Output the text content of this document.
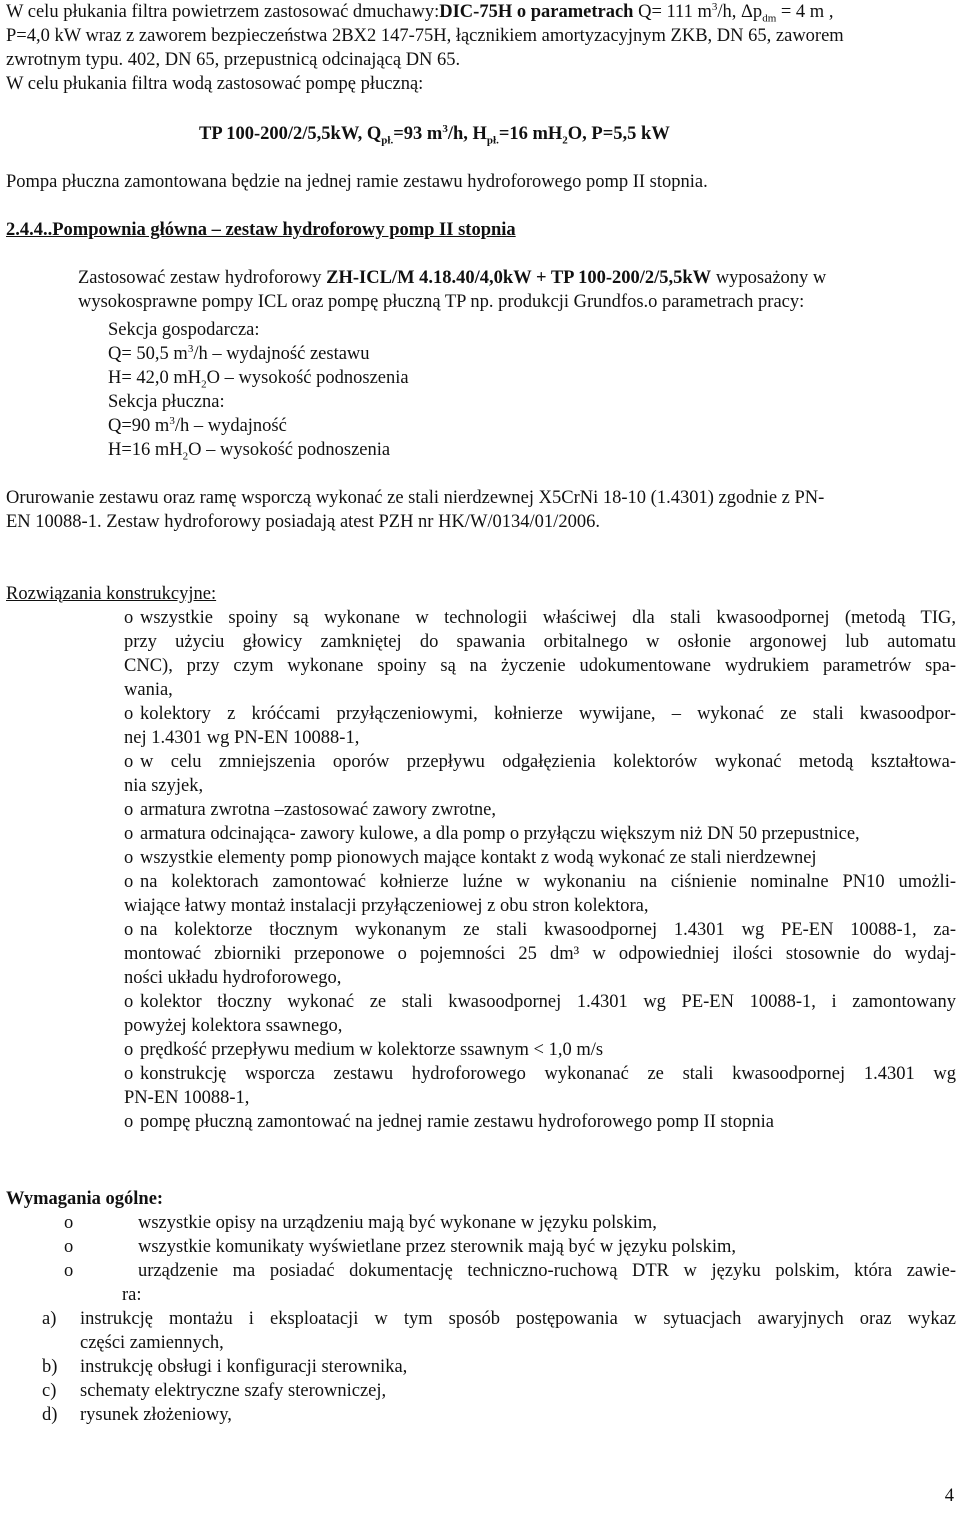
W celu płukania filtra powietrzem zastosować dmuchawy:DIC-75H o parametrach Q= 111 $m^3/h$, $\Delta p_{dm} = 4$ m ,

P=4,0 kW wraz z zaworem bezpieczeństwa 2BX2 147-75H, łącznikiem amortyzacyjnym ZKB, DN 65, zaworem

zwrotnym typu. 402, DN 65, przepustnicą odcinającą DN 65.

W celu płukania filtra wodą zastosować pompę płuczną:

TP 100-200/2/5,5kW, $Q_{pł.}=93$ $m^3/h$, $H_{pł.}=16$ $mH_2O$, P=5,5 kW

Pompa płuczna zamontowana będzie na jednej ramie zestawu hydroforowego pomp II stopnia.

2.4.4..Pompownia główna – zestaw hydroforowy pomp II stopnia

Zastosować zestaw hydroforowy ZH-ICL/M 4.18.40/4,0kW + TP 100-200/2/5,5kW wyposażony w

wysokosprawne pompy ICL oraz pompę płuczną TP np. produkcji Grundfos.o parametrach pracy:

Sekcja gospodarcza:

Q= 50,5 $m^3/h$ – wydajność zestawu

H= 42,0 $mH_2O$ – wysokość podnoszenia

Sekcja płuczna:

Q=90 $m^3/h$ – wydajność

H=16 $mH_2O$ – wysokość podnoszenia

Orurowanie zestawu oraz ramę wsporczą wykonać ze stali nierdzewnej X5CrNi 18-10 (1.4301) zgodnie z PN-

EN 10088-1. Zestaw hydroforowy posiadają atest PZH nr HK/W/0134/01/2006.

Rozwiązania konstrukcyjne:

o wszystkie spoiny są wykonane w technologii właściwej dla stali kwasoodpornej (metodą TIG,

przy użyciu głowicy zamkniętej do spawania orbitalnego w osłonie argonowej lub automatu

CNC), przy czym wykonane spoiny są na życzenie udokumentowane wydrukiem parametrów spa-

wania,

o kolektory z króćcami przyłączeniowymi, kołnierze wywijane, – wykonać ze stali kwasoodpor-

nej 1.4301 wg PN-EN 10088-1,

o w celu zmniejszenia oporów przepływu odgałęzienia kolektorów wykonać metodą kształtowa-

nia szyjek,

o armatura zwrotna –zastosować zawory zwrotne,

o armatura odcinająca- zawory kulowe, a dla pomp o przyłączu większym niż DN 50 przepustnice,

o wszystkie elementy pomp pionowych mające kontakt z wodą wykonać ze stali nierdzewnej

o na kolektorach zamontować kołnierze luźne w wykonaniu na ciśnienie nominalne PN10 umożli-

wiające łatwy montaż instalacji przyłączeniowej z obu stron kolektora,

o na kolektorze tłocznym wykonanym ze stali kwasoodpornej 1.4301 wg PE-EN 10088-1, za-

montować zbiorniki przeponowe o pojemności 25 dm³ w odpowiedniej ilości stosownie do wydaj-

ności układu hydroforowego,

o kolektor tłoczny wykonać ze stali kwasoodpornej 1.4301 wg PE-EN 10088-1, i zamontowany

powyżej kolektora ssawnego,

o prędkość przepływu medium w kolektorze ssawnym < 1,0 m/s

o konstrukcję wsporcza zestawu hydroforowego wykonanać ze stali kwasoodpornej 1.4301 wg

PN-EN 10088-1,

o pompę płuczną zamontować na jednej ramie zestawu hydroforowego pomp II stopnia

Wymagania ogólne:

o	wszystkie opisy na urządzeniu mają być wykonane w języku polskim,

o	wszystkie komunikaty wyświetlane przez sterownik mają być w języku polskim,

o	urządzenie ma posiadać dokumentację techniczno-ruchową DTR w języku polskim, która zawie-

ra:

a)	instrukcję montażu i eksploatacji w tym sposób postępowania w sytuacjach awaryjnych oraz wykaz

części zamiennych,

b)	instrukcję obsługi i konfiguracji sterownika,

c)	schematy elektryczne szafy sterowniczej,

d)	rysunek złożeniowy,

4
